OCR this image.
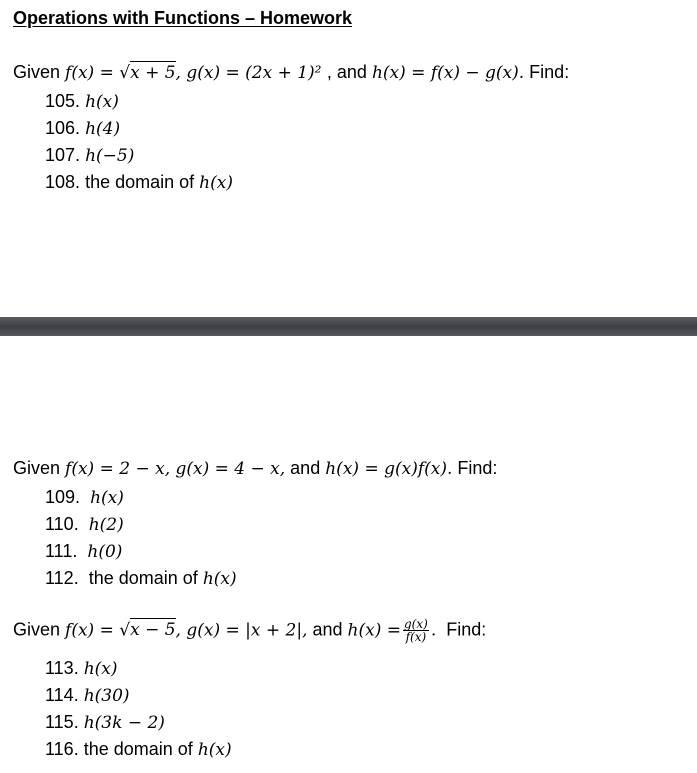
Operations with Functions – Homework
Given f(x) = √x + 5, g(x) = (2x + 1)² , and h(x) = f(x) − g(x). Find:
105. h(x)
106. h(4)
107. h(−5)
108. the domain of h(x)
Given f(x) = 2 − x, g(x) = 4 − x, and h(x) = g(x)f(x). Find:
109. h(x)
110. h(2)
111. h(0)
112. the domain of h(x)
Given f(x) = √x − 5, g(x) = |x + 2|, and $h(x) = \frac{g(x)}{f(x)}$ . Find:
113. h(x)
114. h(30)
115. h(3k − 2)
116. the domain of h(x)
